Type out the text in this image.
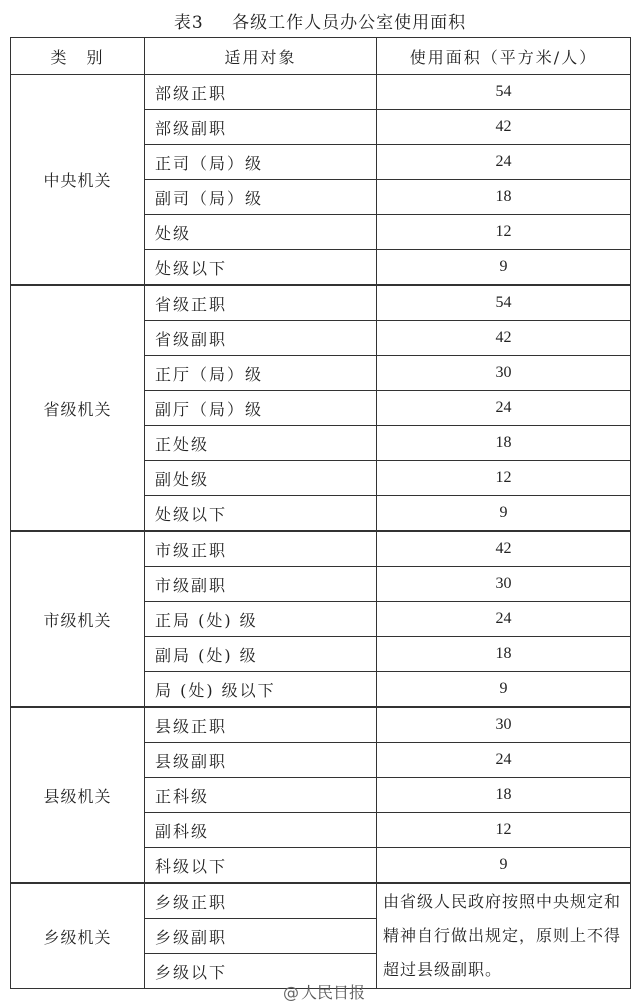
表3 各级工作人员办公室使用面积
类　别	适用对象	使用面积（平方米/人）
中央机关	部级正职	54
	部级副职	42
	正司（局）级	24
	副司（局）级	18
	处级	12
	处级以下	9
省级机关	省级正职	54
	省级副职	42
	正厅（局）级	30
	副厅（局）级	24
	正处级	18
	副处级	12
	处级以下	9
市级机关	市级正职	42
	市级副职	30
	正局 (处) 级	24
	副局 (处) 级	18
	局 (处) 级以下	9
县级机关	县级正职	30
	县级副职	24
	正科级	18
	副科级	12
	科级以下	9
乡级机关	乡级正职	由省级人民政府按照中央规定和精神自行做出规定，原则上不得超过县级副职。
	乡级副职	
	乡级以下	
@ 人民日报
